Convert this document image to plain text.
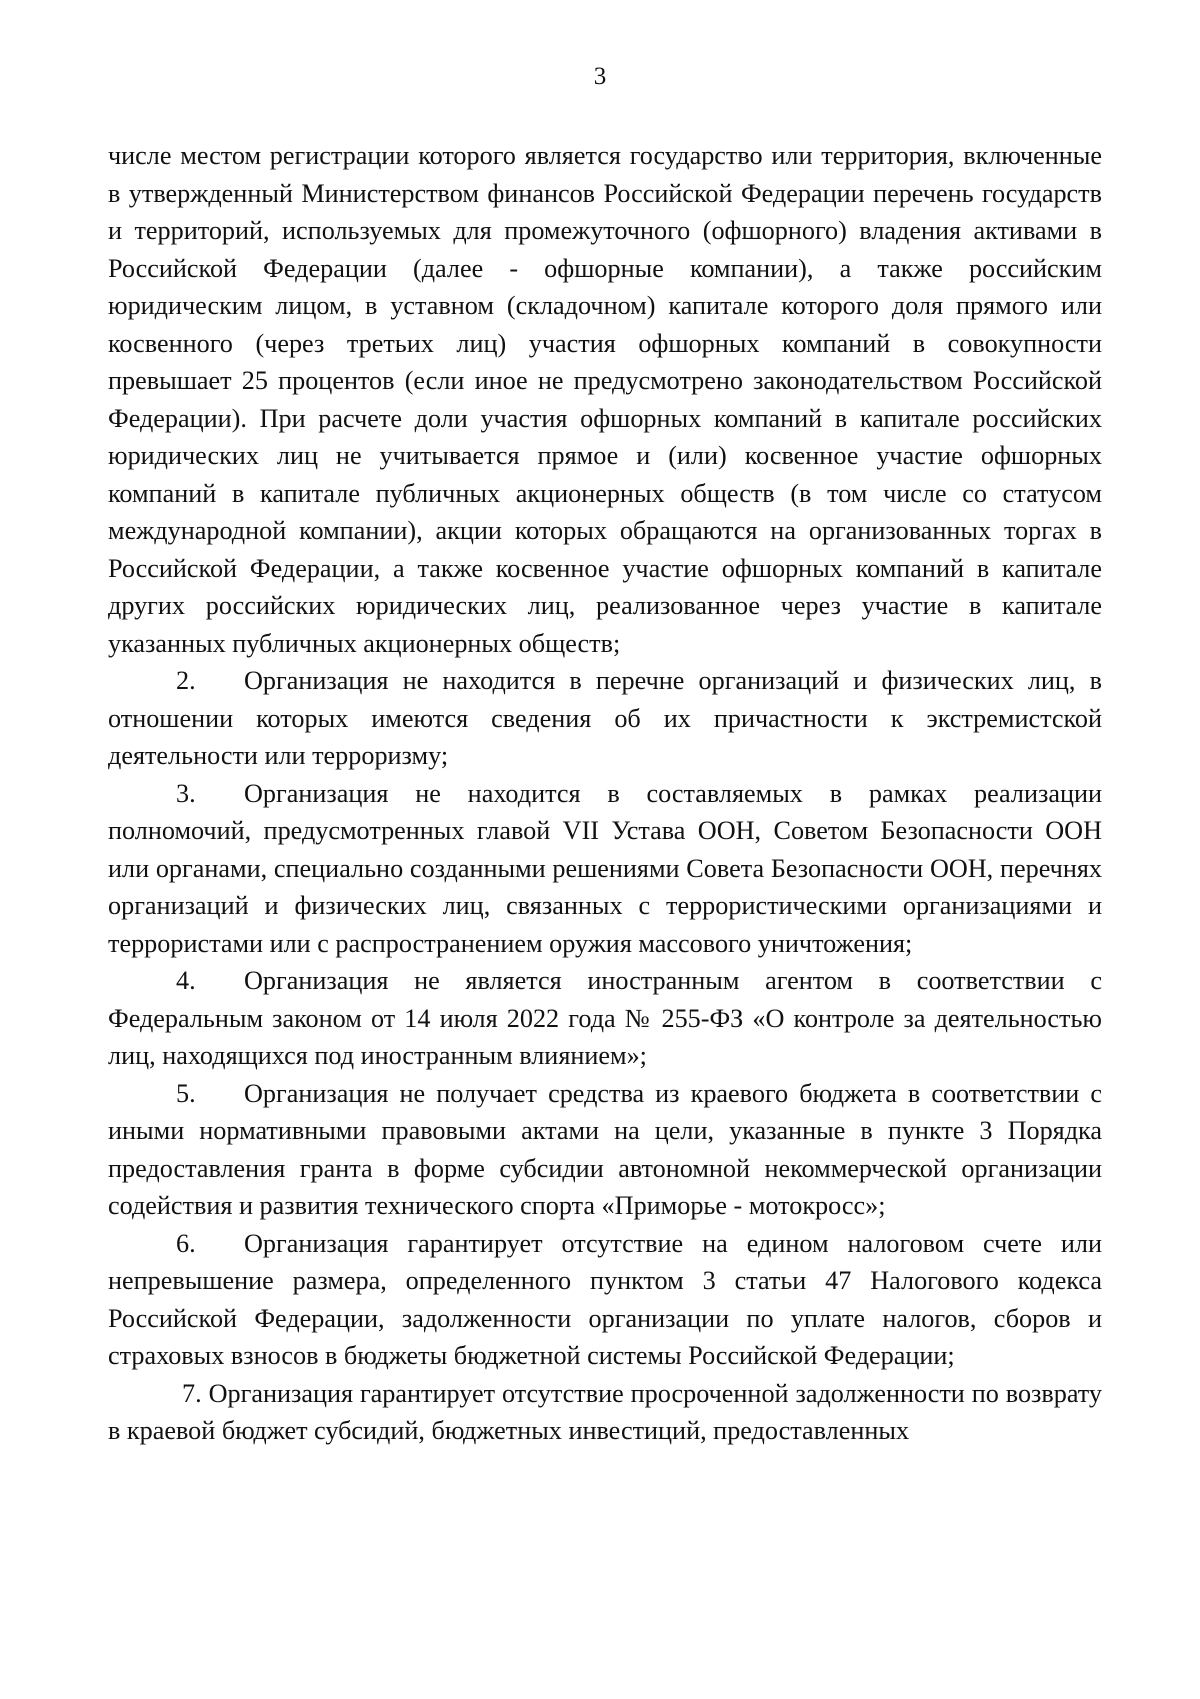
3

числе местом регистрации которого является государство или территория, включенные в утвержденный Министерством финансов Российской Федерации перечень государств и территорий, используемых для промежуточного (офшорного) владения активами в Российской Федерации (далее - офшорные компании), а также российским юридическим лицом, в уставном (складочном) капитале которого доля прямого или косвенного (через третьих лиц) участия офшорных компаний в совокупности превышает 25 процентов (если иное не предусмотрено законодательством Российской Федерации). При расчете доли участия офшорных компаний в капитале российских юридических лиц не учитывается прямое и (или) косвенное участие офшорных компаний в капитале публичных акционерных обществ (в том числе со статусом международной компании), акции которых обращаются на организованных торгах в Российской Федерации, а также косвенное участие офшорных компаний в капитале других российских юридических лиц, реализованное через участие в капитале указанных публичных акционерных обществ;

2. Организация не находится в перечне организаций и физических лиц, в отношении которых имеются сведения об их причастности к экстремистской деятельности или терроризму;

3. Организация не находится в составляемых в рамках реализации полномочий, предусмотренных главой VII Устава ООН, Советом Безопасности ООН или органами, специально созданными решениями Совета Безопасности ООН, перечнях организаций и физических лиц, связанных с террористическими организациями и террористами или с распространением оружия массового уничтожения;

4. Организация не является иностранным агентом в соответствии с Федеральным законом от 14 июля 2022 года № 255-ФЗ «О контроле за деятельностью лиц, находящихся под иностранным влиянием»;

5. Организация не получает средства из краевого бюджета в соответствии с иными нормативными правовыми актами на цели, указанные в пункте 3 Порядка предоставления гранта в форме субсидии автономной некоммерческой организации содействия и развития технического спорта «Приморье - мотокросс»;

6. Организация гарантирует отсутствие на едином налоговом счете или непревышение размера, определенного пунктом 3 статьи 47 Налогового кодекса Российской Федерации, задолженности организации по уплате налогов, сборов и страховых взносов в бюджеты бюджетной системы Российской Федерации;

7. Организация гарантирует отсутствие просроченной задолженности по возврату в краевой бюджет субсидий, бюджетных инвестиций, предоставленных
